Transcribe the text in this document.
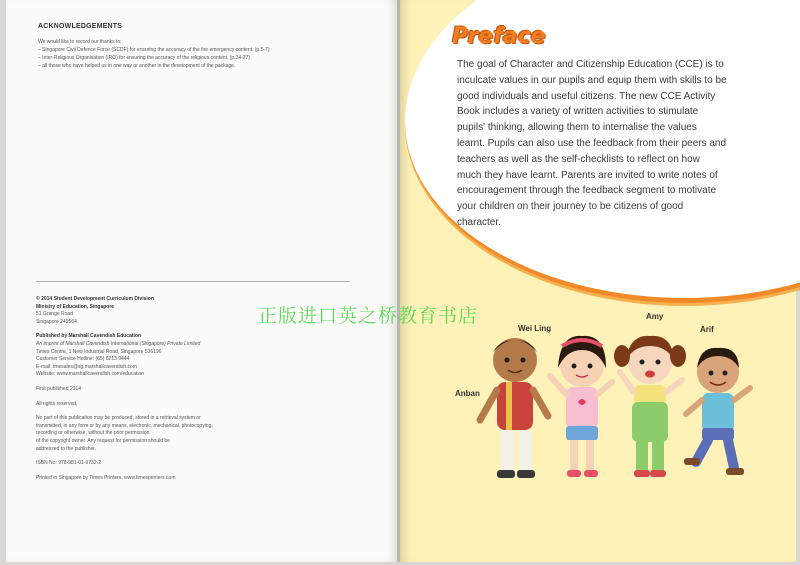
ACKNOWLEDGEMENTS
We would like to record our thanks to:
– Singapore Civil Defence Force (SCDF) for ensuring the accuracy of the fire emergency content. (p.5-7)
– Inter-Religious Organisation (IRO) for ensuring the accuracy of the religious content. (p.24-27)
– all those who have helped us in one way or another in the development of the package.
© 2014 Student Development Curriculum Division
Ministry of Education, Singapore
51 Grange Road
Singapore 249564
Published by Marshall Cavendish Education
An imprint of Marshall Cavendish International (Singapore) Private Limited
Times Centre, 1 New Industrial Road, Singapore 536196
Customer Service Hotline: (65) 6213 9444
E-mail: tmesales@sg.marshallcavendish.com
Website: www.marshallcavendish.com/education
First published 2014
All rights reserved.
No part of this publication may be produced, stored in a retrieval system or
transmitted, in any form or by any means, electronic, mechanical, photocopying,
recording or otherwise, without the prior permission
of the copyright owner. Any request for permission should be
addressed to the publisher.
ISBN No: 978-981-01-9732-2
Printed in Singapore by Times Printers, www.timesprinters.com
Preface
The goal of Character and Citizenship Education (CCE) is to inculcate values in our pupils and equip them with skills to be good individuals and useful citizens. The new CCE Activity Book includes a variety of written activities to stimulate pupils' thinking, allowing them to internalise the values learnt. Pupils can also use the feedback from their peers and teachers as well as the self-checklists to reflect on how much they have learnt. Parents are invited to write notes of encouragement through the feedback segment to motivate your children on their journey to be citizens of good character.
Anban
Wei Ling
Amy
Arif
正版进口英之桥教育书店
